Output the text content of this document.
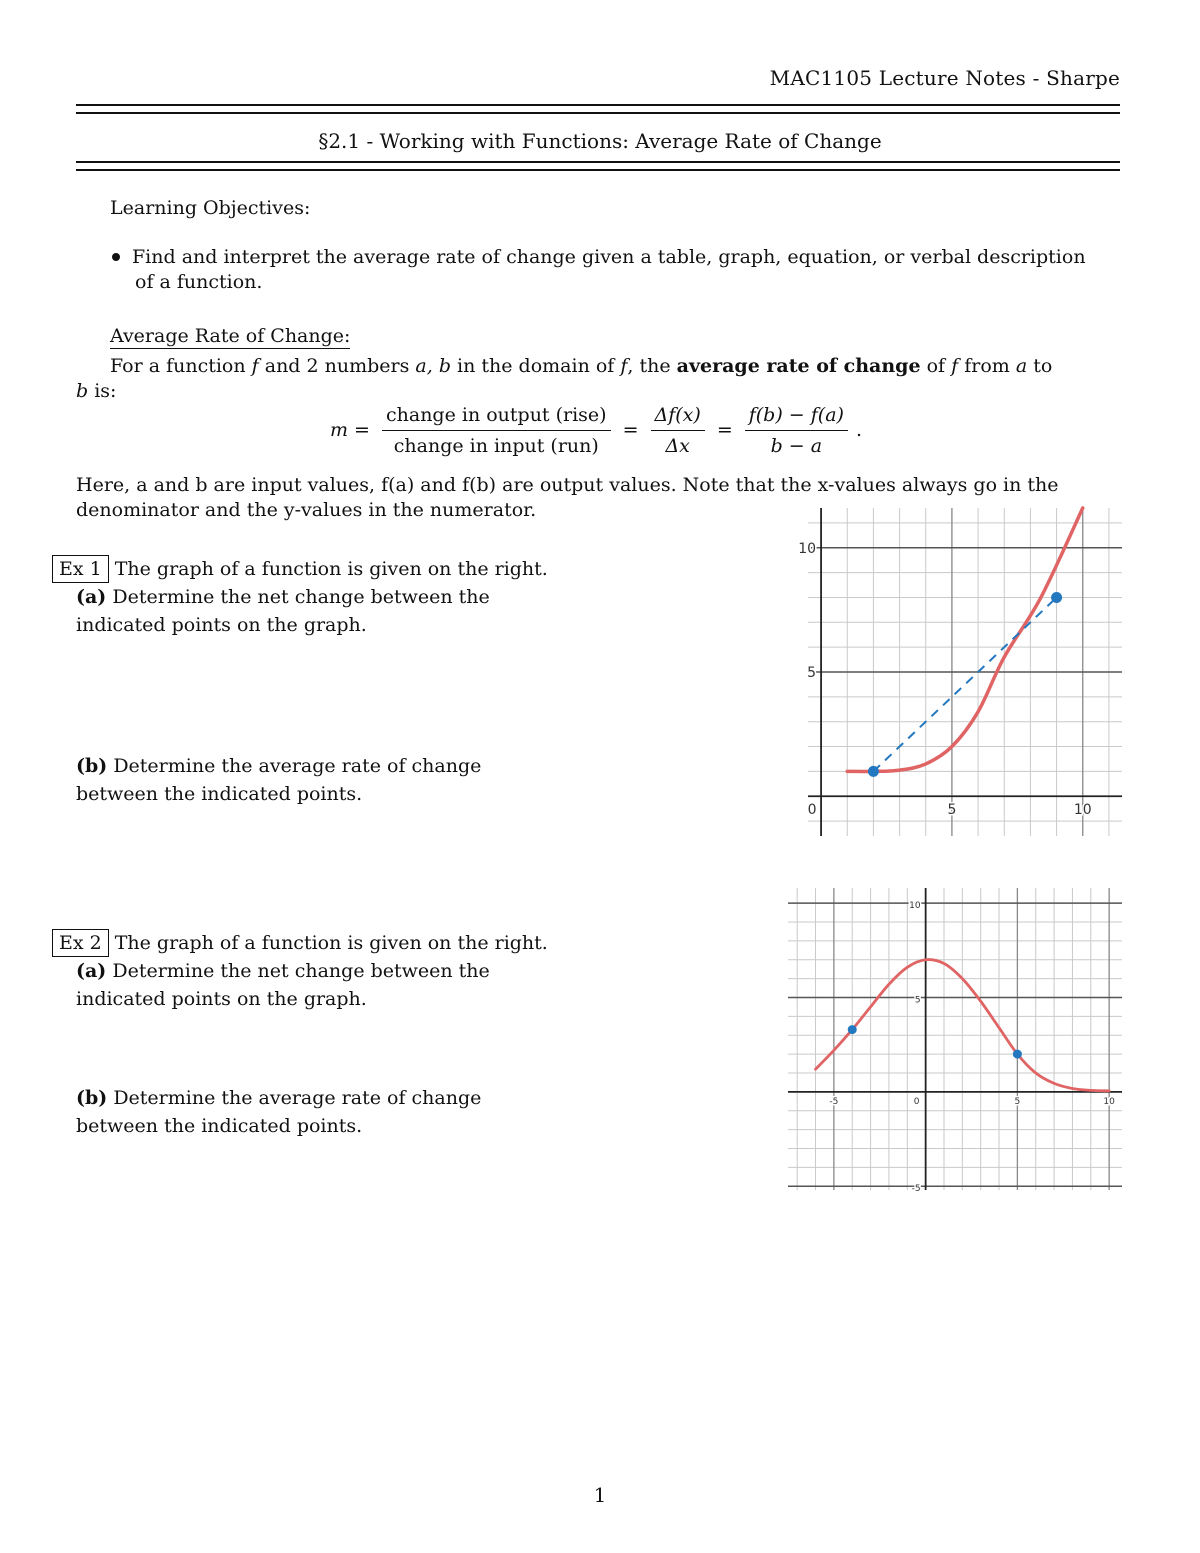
MAC1105 Lecture Notes - Sharpe
§2.1 - Working with Functions: Average Rate of Change
Learning Objectives:
Find and interpret the average rate of change given a table, graph, equation, or verbal description
of a function.
Average Rate of Change:
For a function f and 2 numbers a, b in the domain of f, the average rate of change of f from a to
b is:
$m = \frac{\text{change in output (rise)}}{\text{change in input (run)}} = \frac{\Delta f(x)}{\Delta x} = \frac{f(b) - f(a)}{b - a}$ .
Here, a and b are input values, f(a) and f(b) are output values. Note that the x-values always go in the
denominator and the y-values in the numerator.
Ex 1 The graph of a function is given on the right.
(a) Determine the net change between the
indicated points on the graph.
(b) Determine the average rate of change
between the indicated points.
Ex 2 The graph of a function is given on the right.
(a) Determine the net change between the
indicated points on the graph.
(b) Determine the average rate of change
between the indicated points.
0	5	10
5
10
-5	0	5	10
-5
5
10
1
